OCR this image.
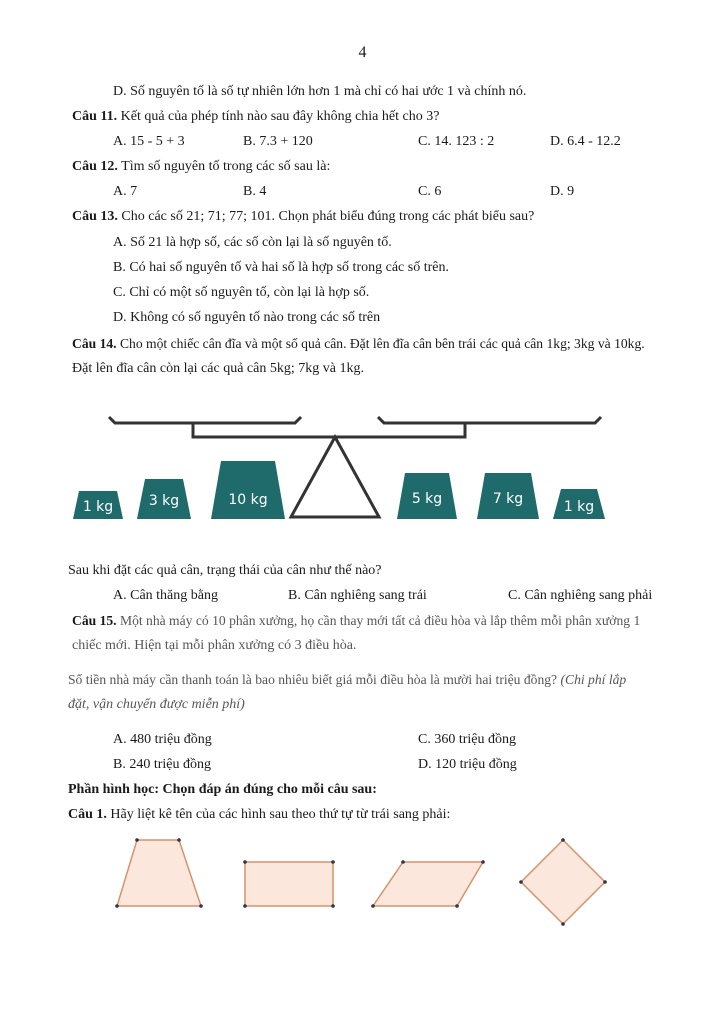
4
D. Số nguyên tố là số tự nhiên lớn hơn 1 mà chỉ có hai ước 1 và chính nó.
Câu 11. Kết quả của phép tính nào sau đây không chia hết cho 3?
A. 15 - 5 + 3	B. 7.3 + 120	C. 14. 123 : 2	D. 6.4 - 12.2
Câu 12. Tìm số nguyên tố trong các số sau là:
A. 7	B. 4	C. 6	D. 9
Câu 13. Cho các số 21; 71; 77; 101. Chọn phát biểu đúng trong các phát biểu sau?
A. Số 21 là hợp số, các số còn lại là số nguyên tố.
B. Có hai số nguyên tố và hai số là hợp số trong các số trên.
C. Chỉ có một số nguyên tố, còn lại là hợp số.
D. Không có số nguyên tố nào trong các số trên
Câu 14. Cho một chiếc cân đĩa và một số quả cân. Đặt lên đĩa cân bên trái các quả cân 1kg; 3kg và 10kg.
Đặt lên đĩa cân còn lại các quả cân 5kg; 7kg và 1kg.
1 kg	3 kg	10 kg	5 kg	7 kg	1 kg
Sau khi đặt các quả cân, trạng thái của cân như thế nào?
A. Cân thăng bằng	B. Cân nghiêng sang trái	C. Cân nghiêng sang phải
Câu 15. Một nhà máy có 10 phân xưởng, họ cần thay mới tất cả điều hòa và lắp thêm mỗi phân xưởng 1
chiếc mới. Hiện tại mỗi phân xưởng có 3 điều hòa.
Số tiền nhà máy cần thanh toán là bao nhiêu biết giá mỗi điều hòa là mười hai triệu đồng? (Chi phí lắp
đặt, vận chuyển được miễn phí)
A. 480 triệu đồng	C. 360 triệu đồng
B. 240 triệu đồng	D. 120 triệu đồng
Phần hình học: Chọn đáp án đúng cho mỗi câu sau:
Câu 1. Hãy liệt kê tên của các hình sau theo thứ tự từ trái sang phải:
